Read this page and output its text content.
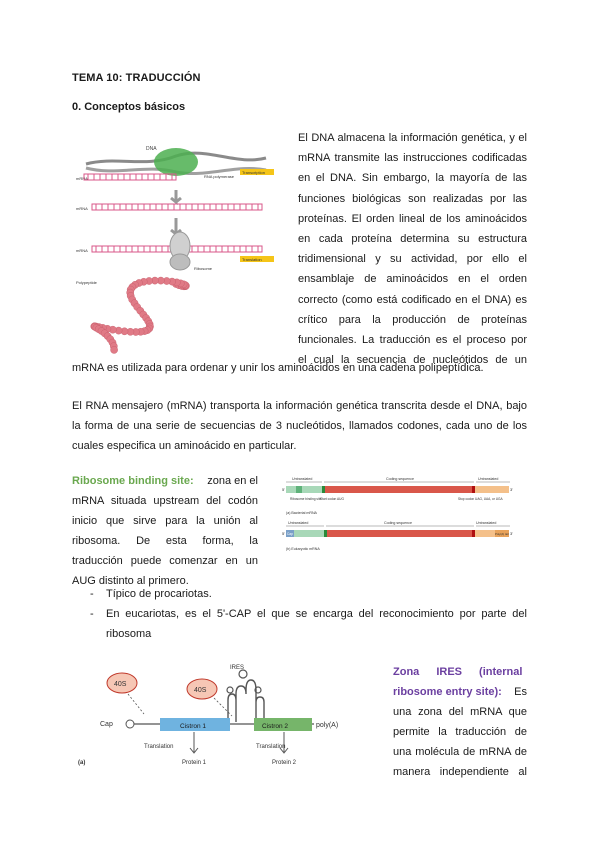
TEMA 10: TRADUCCIÓN
0. Conceptos básicos
DNA
RNA polymerase
Transcription
mRNA
mRNA
mRNA
Ribosome
Translation
Polypeptide
El DNA almacena la información genética, y el
mRNA transmite las instrucciones codificadas
en el DNA. Sin embargo, la mayoría de las
funciones biológicas son realizadas por las
proteínas. El orden lineal de los aminoácidos
en cada proteína determina su estructura
tridimensional y su actividad, por ello el
ensamblaje de aminoácidos en el orden
correcto (como está codificado en el DNA) es
crítico para la producción de proteínas
funcionales. La traducción es el proceso por
el cual la secuencia de nucleótidos de un
mRNA es utilizada para ordenar y unir los aminoácidos en una cadena polipeptídica.
El RNA mensajero (mRNA) transporta la información genética transcrita desde el DNA, bajo la forma de una serie de secuencias de 3 nucleótidos, llamados codones, cada uno de los cuales especifica un aminoácido en particular.
Ribosome binding site: zona en el
mRNA situada upstream del codón
inicio que sirve para la unión al
ribosoma. De esta forma, la
traducción puede comenzar en un
AUG distinto al primero.
Untranslated	Coding sequence	Untranslated
5'	3'
Ribosome binding site
Start codon AUG	Stop codon UAG, UAA, or UGA
(a) Bacterial mRNA
Untranslated	Coding sequence	Untranslated
5' Cap	Poly(A) tail 3'
(b) Eukaryotic mRNA
- Típico de procariotas.
- En eucariotas, es el 5'-CAP el que se encarga del reconocimiento por parte del ribosoma
40S
40S
IRES
Cap	Cistron 1	Cistron 2	poly(A)
Translation	Translation
(a)	Protein 1	Protein 2
Zona IRES (internal
ribosome entry site): Es
una zona del mRNA que
permite la traducción de
una molécula de mRNA de
manera independiente al
